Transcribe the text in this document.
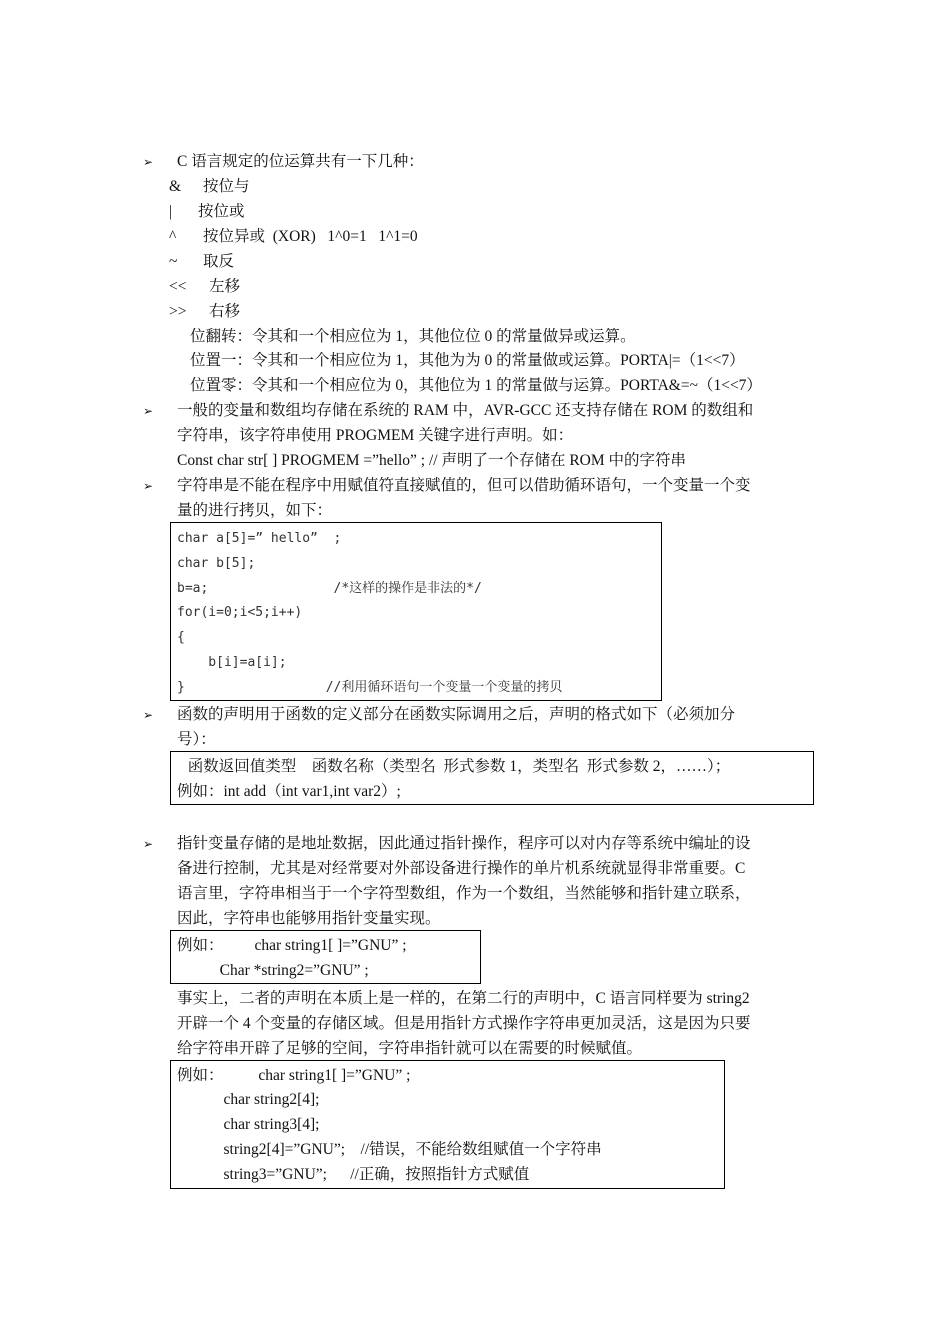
➢ C 语言规定的位运算共有一下几种：
& 按位与
| 按位或
^ 按位异或  (XOR)   1^0=1   1^1=0
~ 取反
<< 左移
>> 右移
位翻转：令其和一个相应位为 1，其他位位 0 的常量做异或运算。
位置一：令其和一个相应位为 1，其他为为 0 的常量做或运算。PORTA|=（1<<7）
位置零：令其和一个相应位为 0，其他位为 1 的常量做与运算。PORTA&=~（1<<7）
➢ 一般的变量和数组均存储在系统的 RAM 中，AVR-GCC 还支持存储在 ROM 的数组和
字符串，该字符串使用 PROGMEM 关键字进行声明。如：
Const char str[ ] PROGMEM =”hello” ; // 声明了一个存储在 ROM 中的字符串
➢ 字符串是不能在程序中用赋值符直接赋值的，但可以借助循环语句，一个变量一个变
量的进行拷贝，如下：
char a[5]=” hello”  ;
char b[5];
b=a;                /*这样的操作是非法的*/
for(i=0;i<5;i++)
{
b[i]=a[i];
}                  //利用循环语句一个变量一个变量的拷贝
➢ 函数的声明用于函数的定义部分在函数实际调用之后，声明的格式如下（必须加分
号）：
函数返回值类型    函数名称（类型名  形式参数 1，类型名  形式参数 2，……）；
例如：int add（int var1,int var2）;
➢ 指针变量存储的是地址数据，因此通过指针操作，程序可以对内存等系统中编址的设
备进行控制，尤其是对经常要对外部设备进行操作的单片机系统就显得非常重要。C
语言里，字符串相当于一个字符型数组，作为一个数组，当然能够和指针建立联系，
因此，字符串也能够用指针变量实现。
例如：        char string1[ ]=”GNU” ;
Char *string2=”GNU” ;
事实上，二者的声明在本质上是一样的，在第二行的声明中，C 语言同样要为 string2
开辟一个 4 个变量的存储区域。但是用指针方式操作字符串更加灵活，这是因为只要
给字符串开辟了足够的空间，字符串指针就可以在需要的时候赋值。
例如：         char string1[ ]=”GNU” ;
char string2[4];
char string3[4];
string2[4]=”GNU”;    //错误，不能给数组赋值一个字符串
string3=”GNU”;      //正确，按照指针方式赋值
